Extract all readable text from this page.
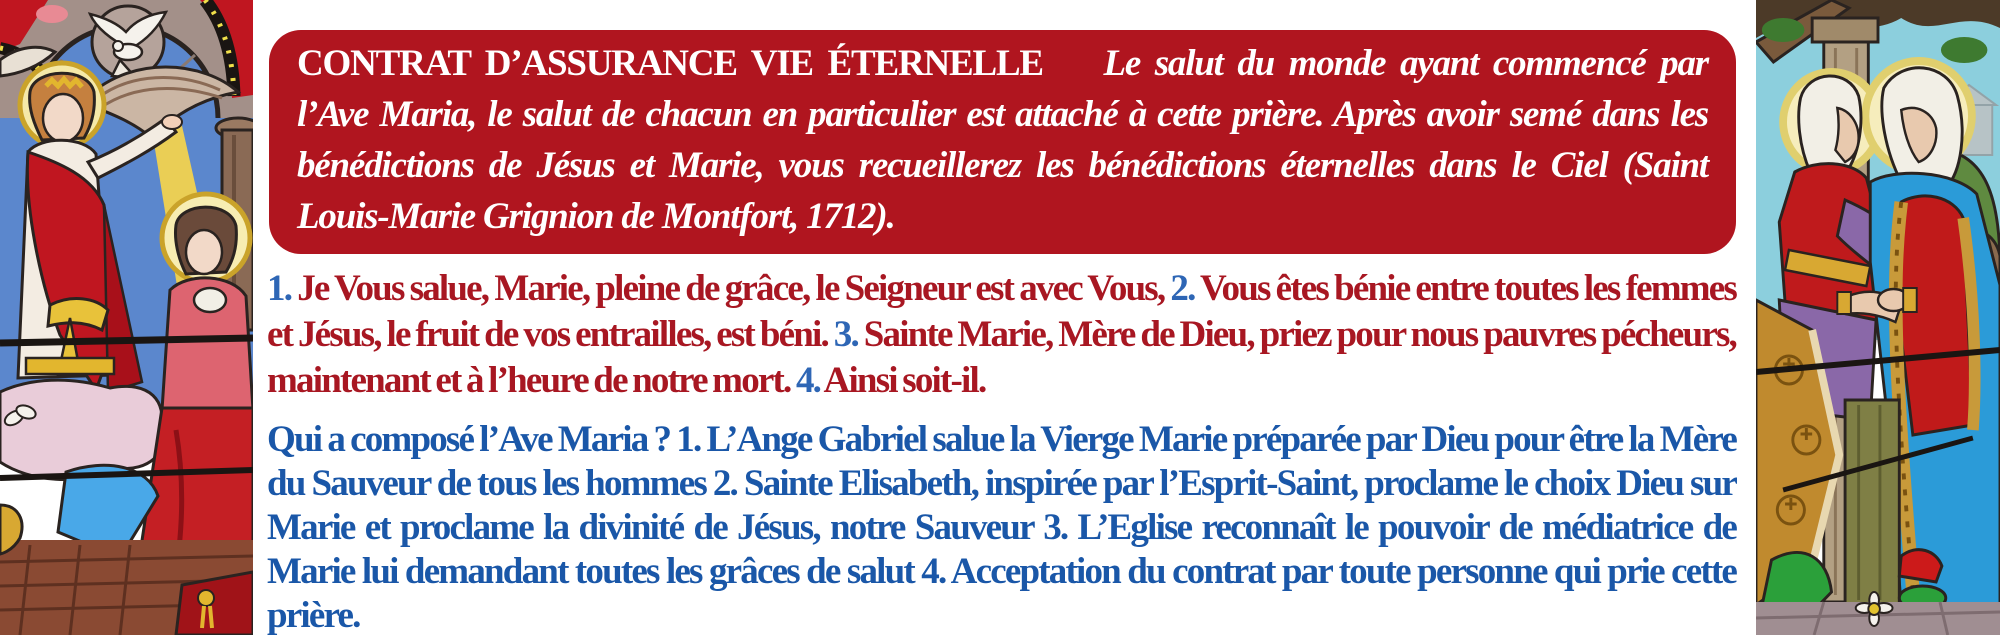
CONTRAT D’ASSURANCE VIE ÉTERNELLE Le salut du monde ayant commencé par l’Ave Maria, le salut de chacun en particulier est attaché à cette prière. Après avoir semé dans les bénédictions de Jésus et Marie, vous recueillerez les bénédictions éternelles dans le Ciel (Saint Louis-Marie Grignion de Montfort, 1712).

1. Je Vous salue, Marie, pleine de grâce, le Seigneur est avec Vous, 2. Vous êtes bénie entre toutes les femmes et Jésus, le fruit de vos entrailles, est béni. 3. Sainte Marie, Mère de Dieu, priez pour nous pauvres pécheurs, maintenant et à l’heure de notre mort. 4. Ainsi soit-il.

Qui a composé l’Ave Maria ? 1. L’Ange Gabriel salue la Vierge Marie préparée par Dieu pour être la Mère du Sauveur de tous les hommes 2. Sainte Elisabeth, inspirée par l’Esprit-Saint, proclame le choix Dieu sur Marie et proclame la divinité de Jésus, notre Sauveur 3. L’Eglise reconnaît le pouvoir de médiatrice de Marie lui demandant toutes les grâces de salut 4. Acceptation du contrat par toute personne qui prie cette prière.
